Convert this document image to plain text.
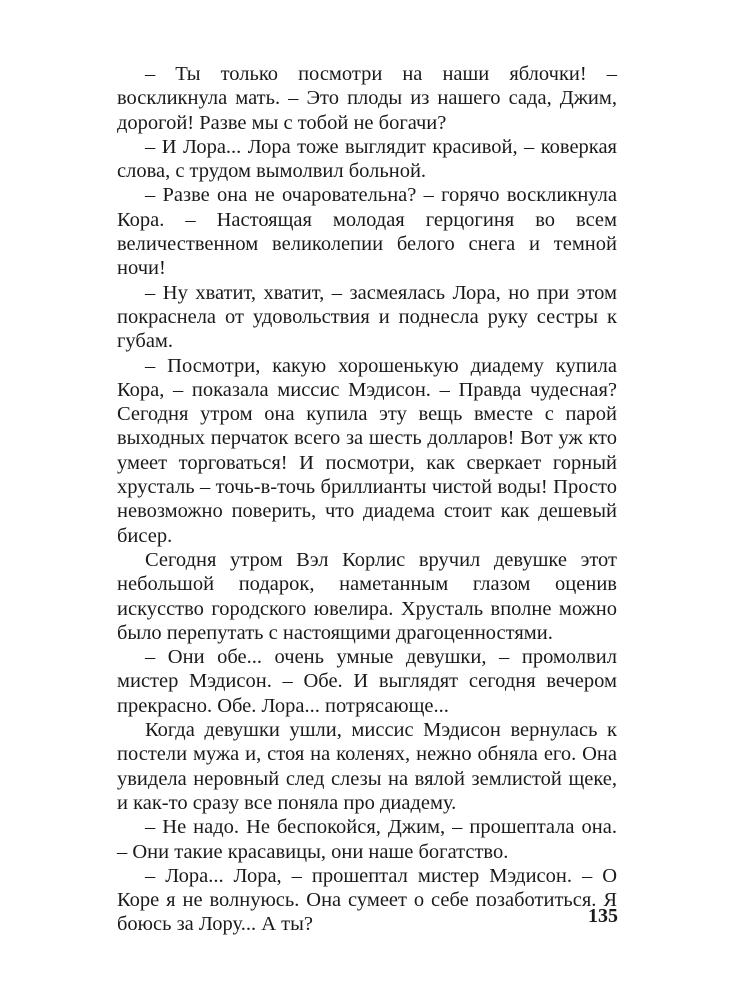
– Ты только посмотри на наши яблочки! – воскликнула мать. – Это плоды из нашего сада, Джим, дорогой! Разве мы с тобой не богачи?

– И Лора... Лора тоже выглядит красивой, – коверкая слова, с трудом вымолвил больной.

– Разве она не очаровательна? – горячо воскликнула Кора. – Настоящая молодая герцогиня во всем величественном великолепии белого снега и темной ночи!

– Ну хватит, хватит, – засмеялась Лора, но при этом покраснела от удовольствия и поднесла руку сестры к губам.

– Посмотри, какую хорошенькую диадему купила Кора, – показала миссис Мэдисон. – Правда чудесная? Сегодня утром она купила эту вещь вместе с парой выходных перчаток всего за шесть долларов! Вот уж кто умеет торговаться! И посмотри, как сверкает горный хрусталь – точь-в-точь бриллианты чистой воды! Просто невозможно поверить, что диадема стоит как дешевый бисер.

Сегодня утром Вэл Корлис вручил девушке этот небольшой подарок, наметанным глазом оценив искусство городского ювелира. Хрусталь вполне можно было перепутать с настоящими драгоценностями.

– Они обе... очень умные девушки, – промолвил мистер Мэдисон. – Обе. И выглядят сегодня вечером прекрасно. Обе. Лора... потрясающе...

Когда девушки ушли, миссис Мэдисон вернулась к постели мужа и, стоя на коленях, нежно обняла его. Она увидела неровный след слезы на вялой землистой щеке, и как-то сразу все поняла про диадему.

– Не надо. Не беспокойся, Джим, – прошептала она. – Они такие красавицы, они наше богатство.

– Лора... Лора, – прошептал мистер Мэдисон. – О Коре я не волнуюсь. Она сумеет о себе позаботиться. Я боюсь за Лору... А ты?	135
